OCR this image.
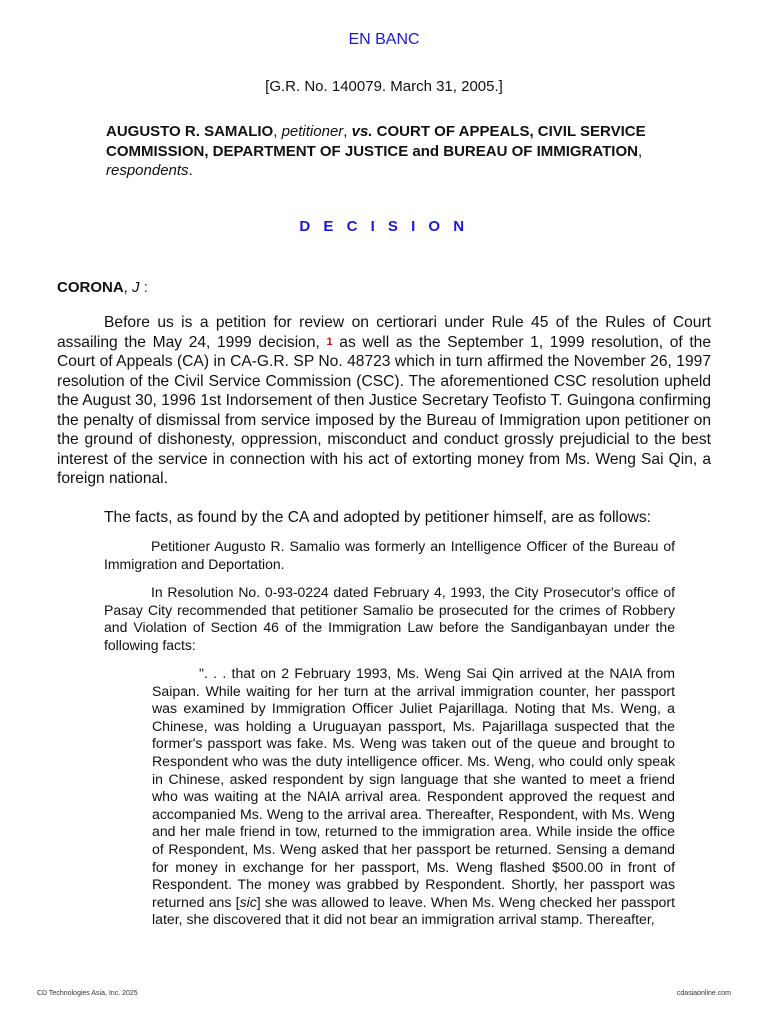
EN BANC
[G.R. No. 140079. March 31, 2005.]
AUGUSTO R. SAMALIO, petitioner, vs. COURT OF APPEALS, CIVIL SERVICE COMMISSION, DEPARTMENT OF JUSTICE and BUREAU OF IMMIGRATION, respondents.
D E C I S I O N
CORONA, J :
Before us is a petition for review on certiorari under Rule 45 of the Rules of Court assailing the May 24, 1999 decision, 1 as well as the September 1, 1999 resolution, of the Court of Appeals (CA) in CA-G.R. SP No. 48723 which in turn affirmed the November 26, 1997 resolution of the Civil Service Commission (CSC). The aforementioned CSC resolution upheld the August 30, 1996 1st Indorsement of then Justice Secretary Teofisto T. Guingona confirming the penalty of dismissal from service imposed by the Bureau of Immigration upon petitioner on the ground of dishonesty, oppression, misconduct and conduct grossly prejudicial to the best interest of the service in connection with his act of extorting money from Ms. Weng Sai Qin, a foreign national.
The facts, as found by the CA and adopted by petitioner himself, are as follows:
Petitioner Augusto R. Samalio was formerly an Intelligence Officer of the Bureau of Immigration and Deportation.
In Resolution No. 0-93-0224 dated February 4, 1993, the City Prosecutor's office of Pasay City recommended that petitioner Samalio be prosecuted for the crimes of Robbery and Violation of Section 46 of the Immigration Law before the Sandiganbayan under the following facts:
". . . that on 2 February 1993, Ms. Weng Sai Qin arrived at the NAIA from Saipan. While waiting for her turn at the arrival immigration counter, her passport was examined by Immigration Officer Juliet Pajarillaga. Noting that Ms. Weng, a Chinese, was holding a Uruguayan passport, Ms. Pajarillaga suspected that the former's passport was fake. Ms. Weng was taken out of the queue and brought to Respondent who was the duty intelligence officer. Ms. Weng, who could only speak in Chinese, asked respondent by sign language that she wanted to meet a friend who was waiting at the NAIA arrival area. Respondent approved the request and accompanied Ms. Weng to the arrival area. Thereafter, Respondent, with Ms. Weng and her male friend in tow, returned to the immigration area. While inside the office of Respondent, Ms. Weng asked that her passport be returned. Sensing a demand for money in exchange for her passport, Ms. Weng flashed $500.00 in front of Respondent. The money was grabbed by Respondent. Shortly, her passport was returned ans [sic] she was allowed to leave. When Ms. Weng checked her passport later, she discovered that it did not bear an immigration arrival stamp. Thereafter,
CD Technologies Asia, Inc. 2025	cdasiaonline.com
